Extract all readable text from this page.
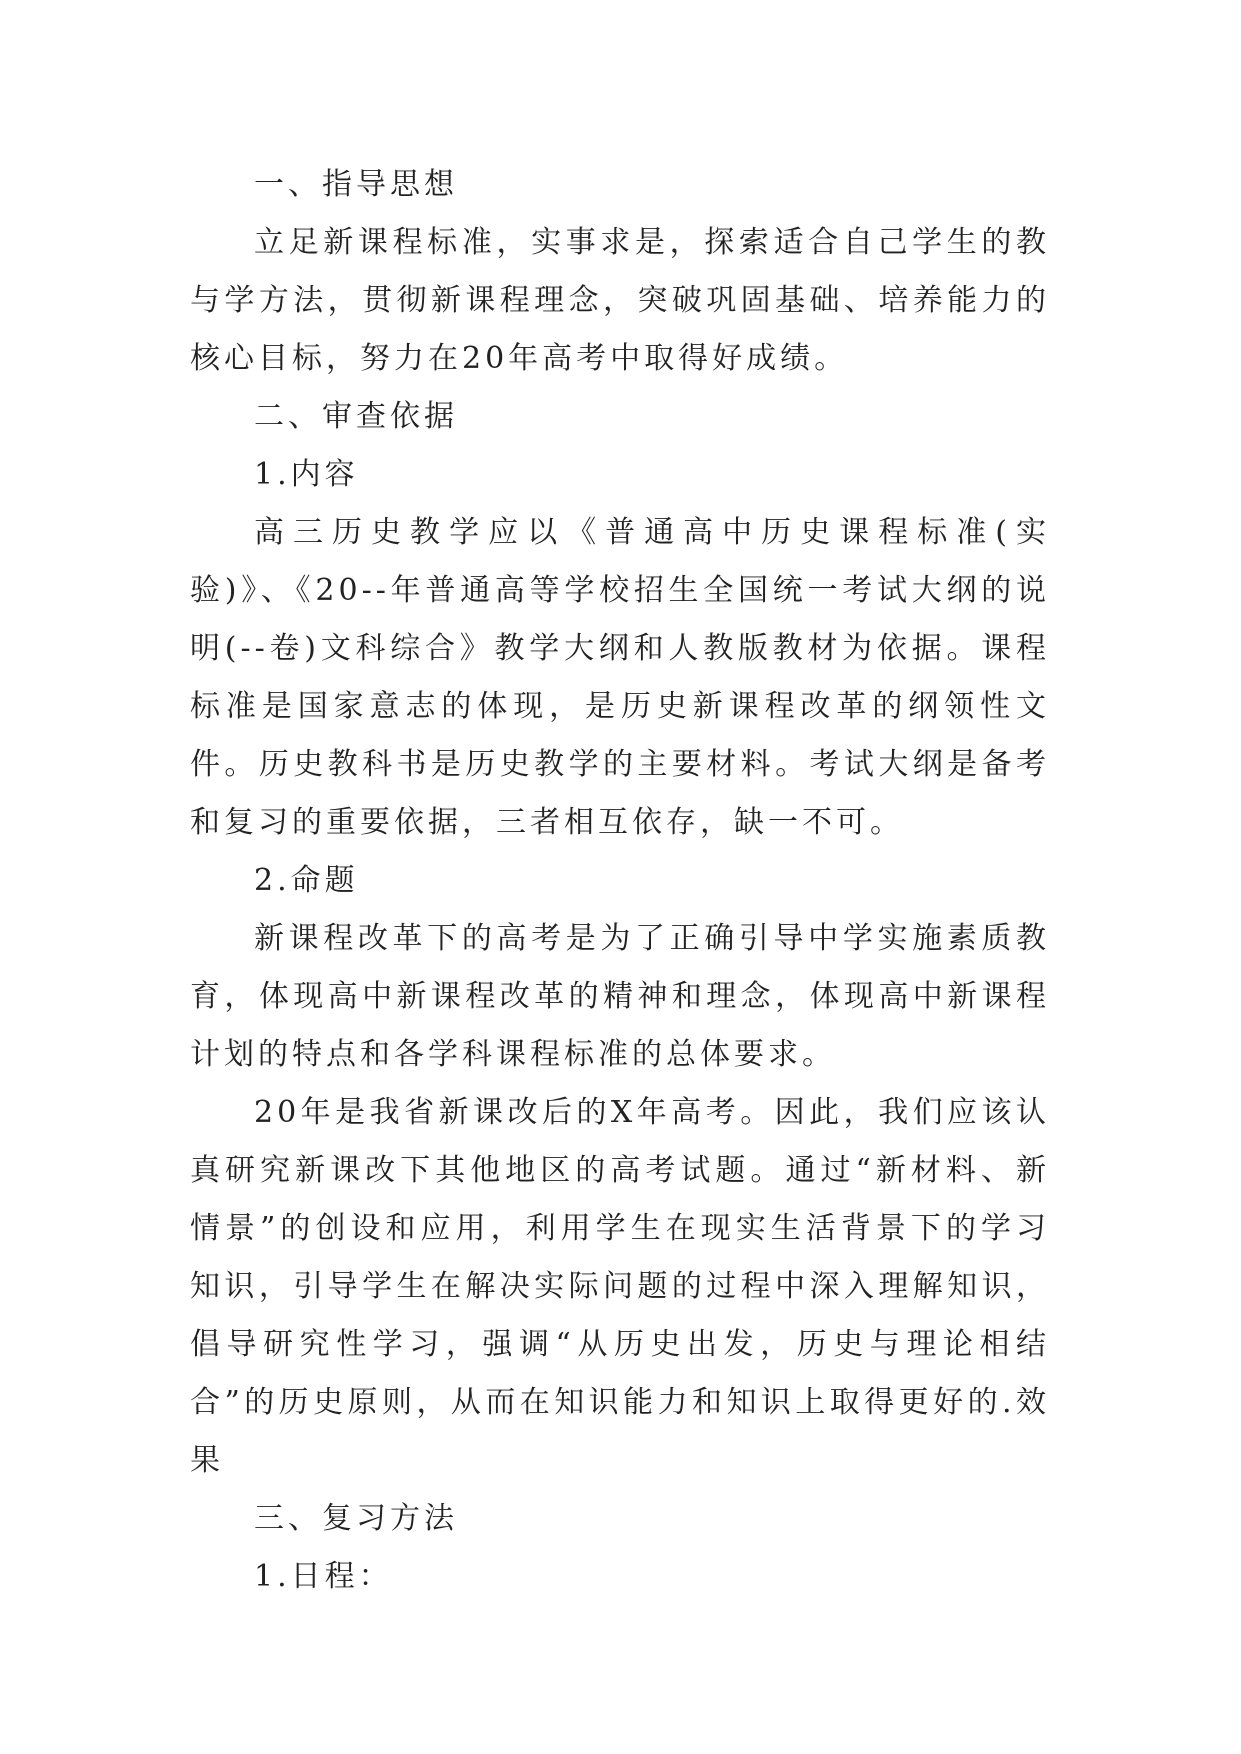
一、指导思想

立足新课程标准，实事求是，探索适合自己学生的教与学方法，贯彻新课程理念，突破巩固基础、培养能力的核心目标，努力在20年高考中取得好成绩。

二、审查依据

1.内容

高三历史教学应以《普通高中历史课程标准(实验)》、《20--年普通高等学校招生全国统一考试大纲的说明(--卷)文科综合》教学大纲和人教版教材为依据。课程标准是国家意志的体现，是历史新课程改革的纲领性文件。历史教科书是历史教学的主要材料。考试大纲是备考和复习的重要依据，三者相互依存，缺一不可。

2.命题

新课程改革下的高考是为了正确引导中学实施素质教育，体现高中新课程改革的精神和理念，体现高中新课程计划的特点和各学科课程标准的总体要求。

20年是我省新课改后的X年高考。因此，我们应该认真研究新课改下其他地区的高考试题。通过“新材料、新情景”的创设和应用，利用学生在现实生活背景下的学习知识，引导学生在解决实际问题的过程中深入理解知识，倡导研究性学习，强调“从历史出发，历史与理论相结合”的历史原则，从而在知识能力和知识上取得更好的.效果

三、复习方法

1.日程：
